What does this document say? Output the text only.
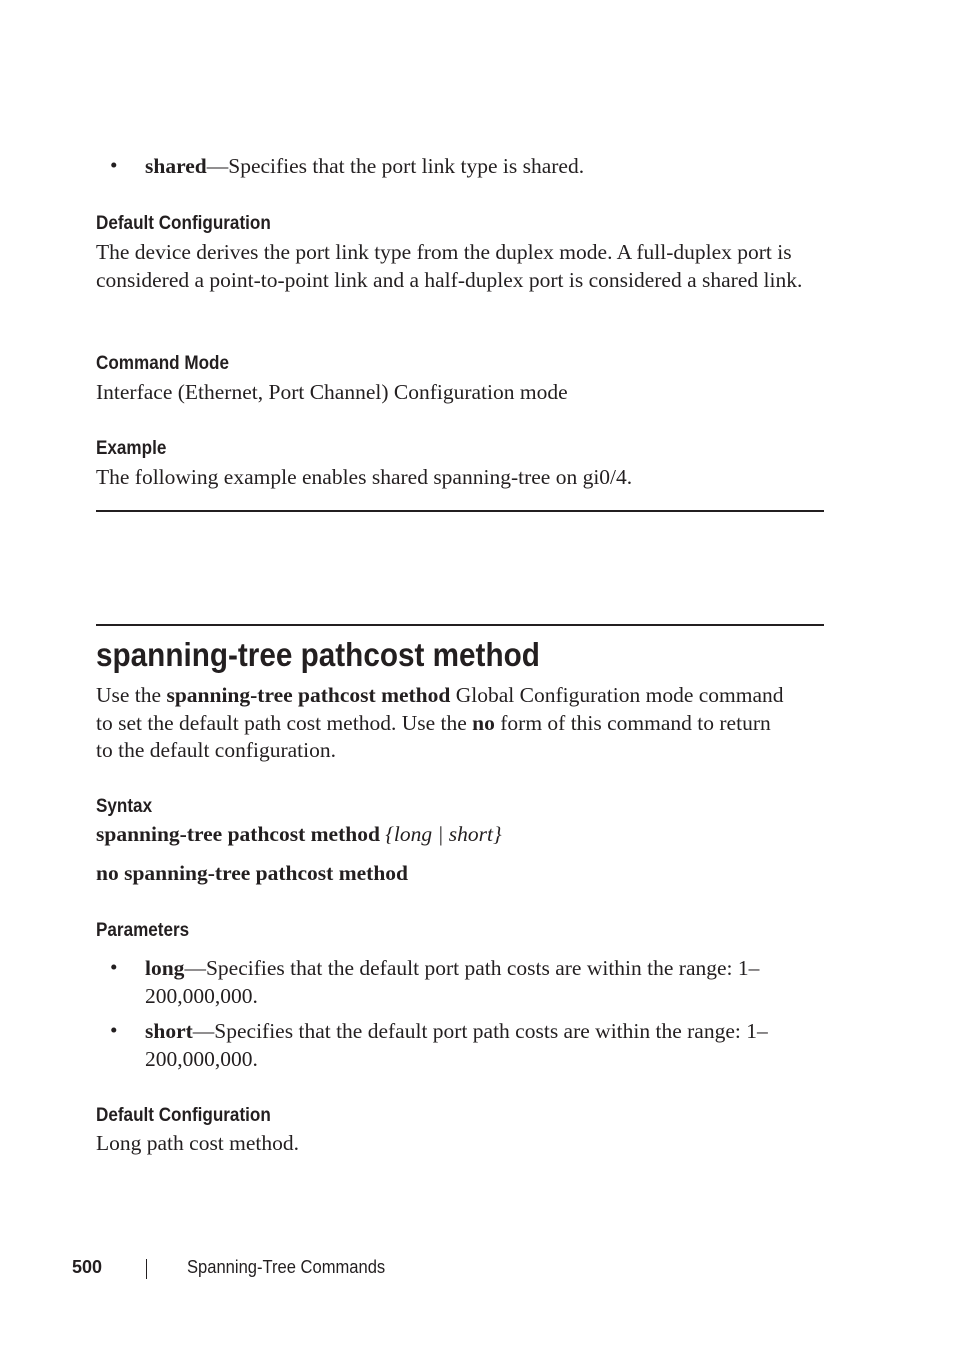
• shared—Specifies that the port link type is shared.
Default Configuration
The device derives the port link type from the duplex mode. A full-duplex port is considered a point-to-point link and a half-duplex port is considered a shared link.
Command Mode
Interface (Ethernet, Port Channel) Configuration mode
Example
The following example enables shared spanning-tree on gi0/4.
spanning-tree pathcost method
Use the spanning-tree pathcost method Global Configuration mode command to set the default path cost method. Use the no form of this command to return to the default configuration.
Syntax
spanning-tree pathcost method {long | short}
no spanning-tree pathcost method
Parameters
• long—Specifies that the default port path costs are within the range: 1–200,000,000.
• short—Specifies that the default port path costs are within the range: 1–200,000,000.
Default Configuration
Long path cost method.
500	Spanning-Tree Commands
